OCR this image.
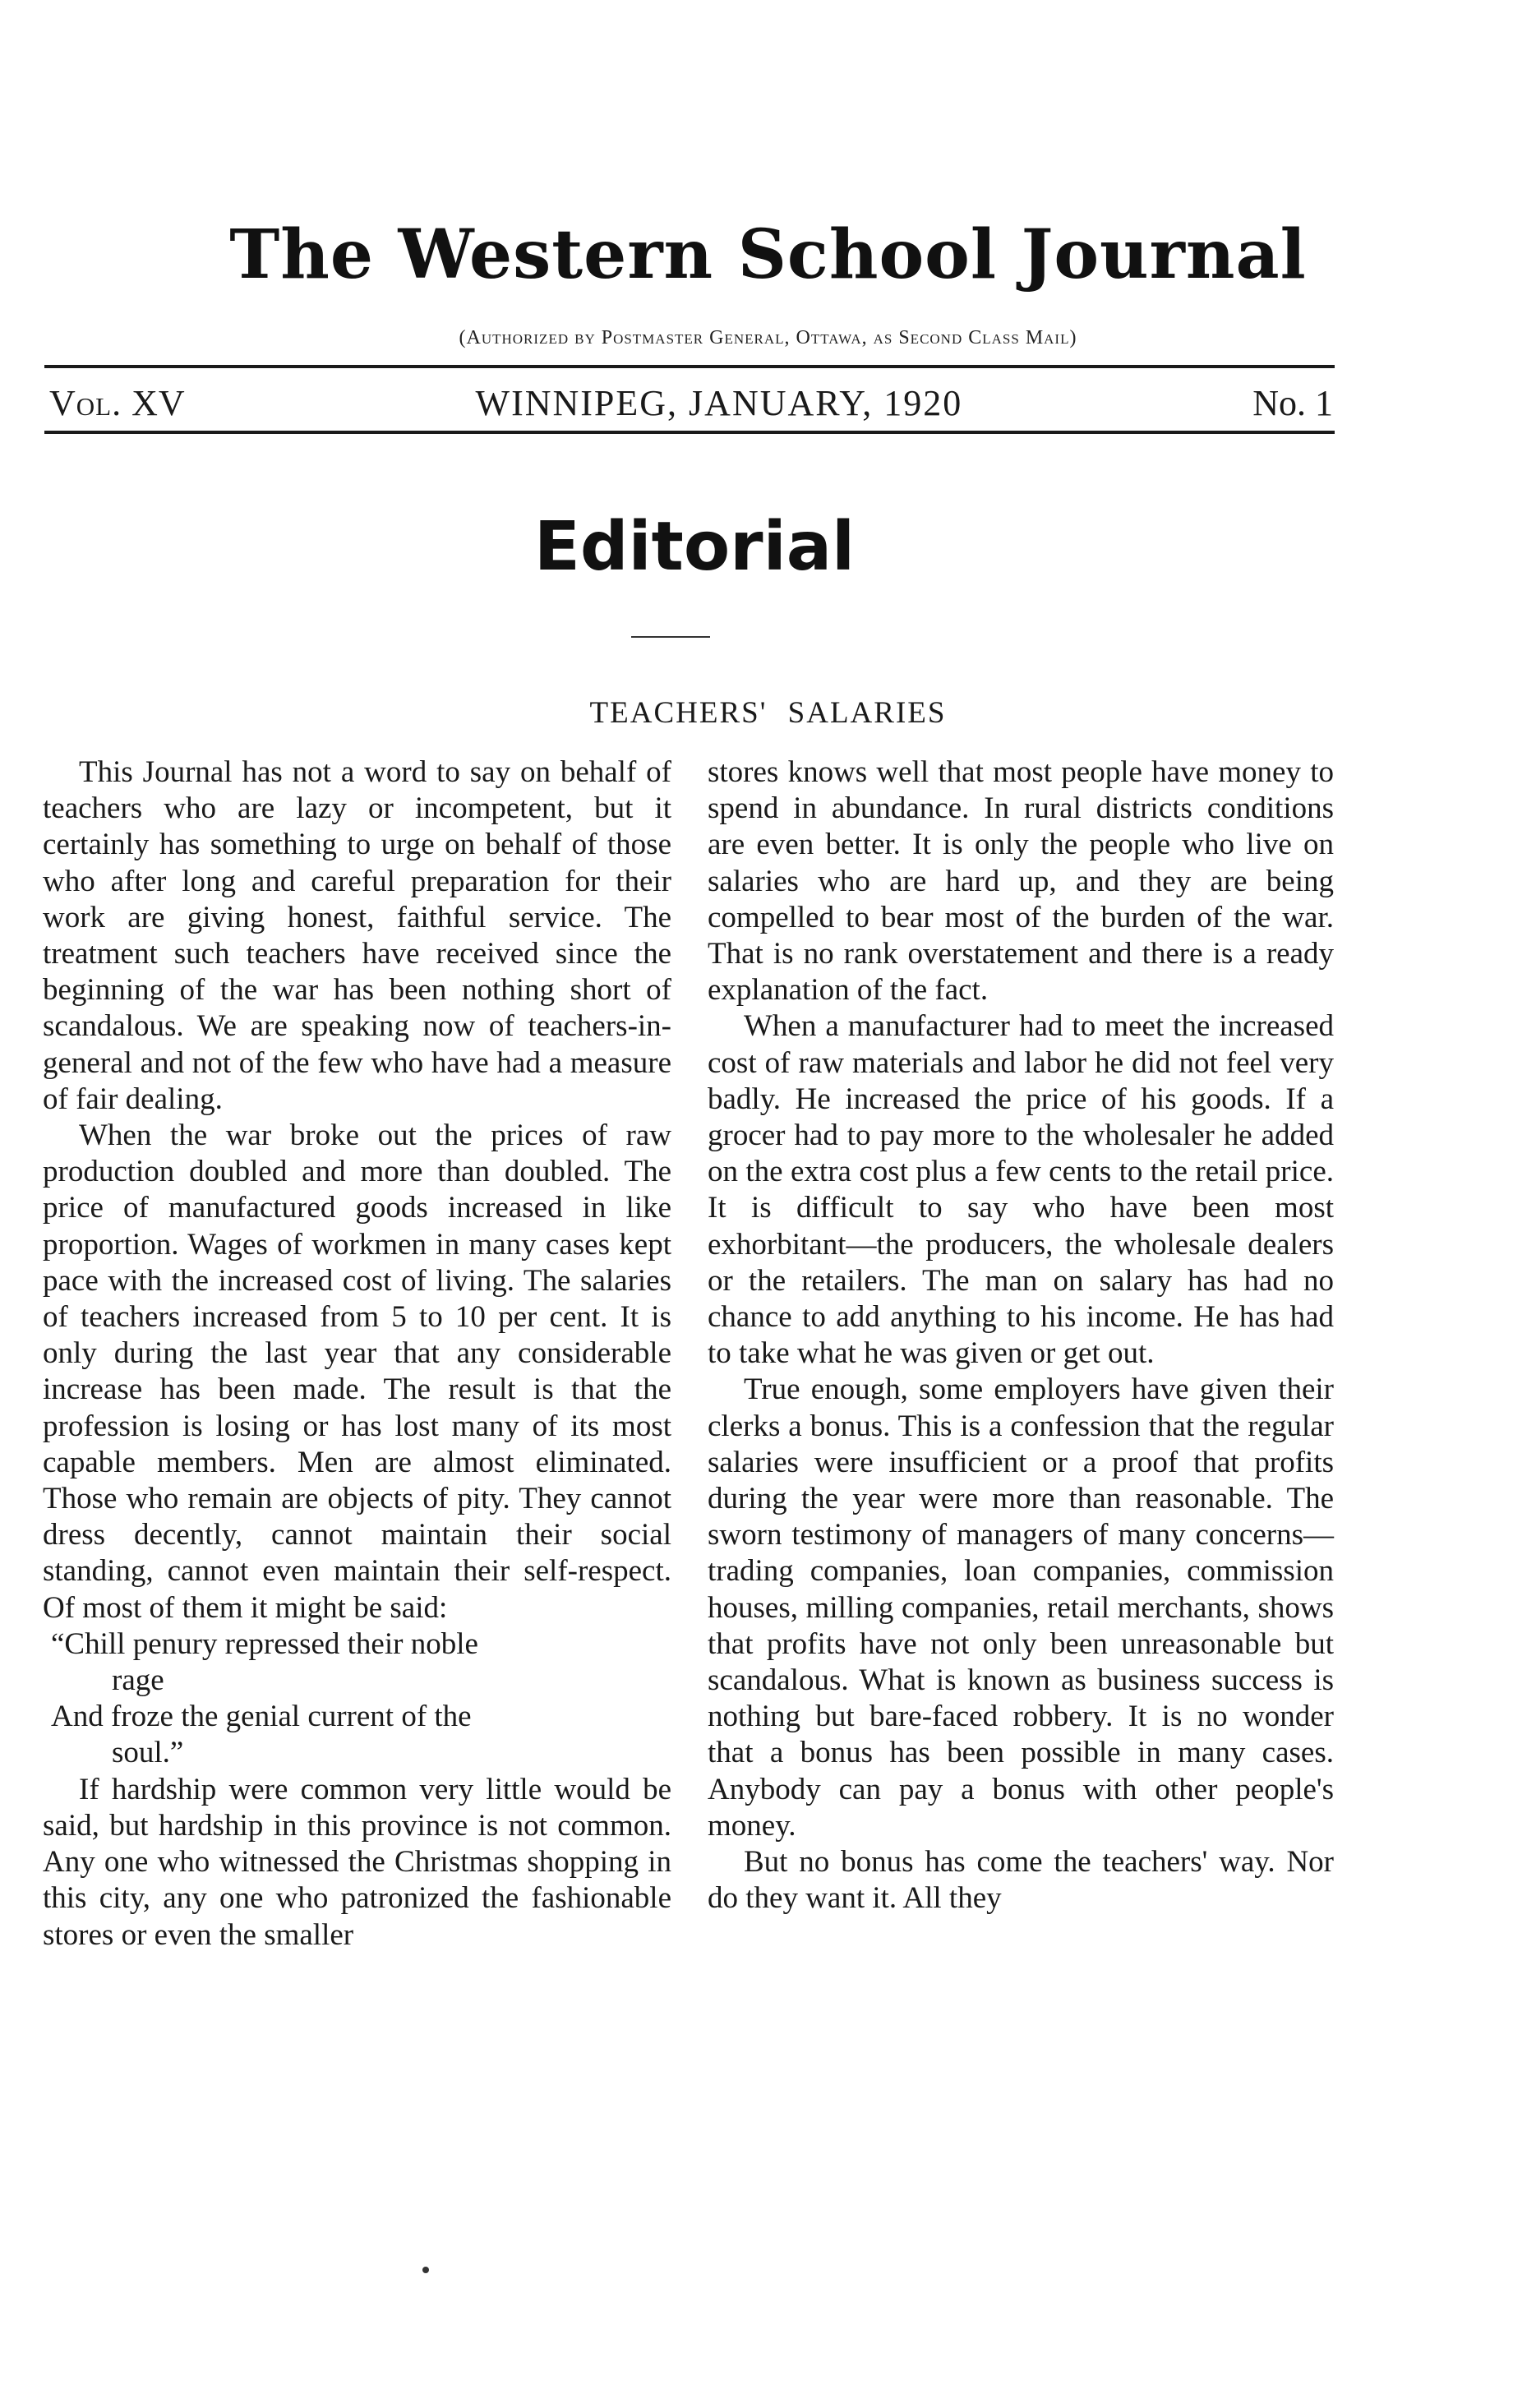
The Western School Journal
(Authorized by Postmaster General, Ottawa, as Second Class Mail)
Vol. XV	WINNIPEG, JANUARY, 1920	No. 1
Editorial
TEACHERS' SALARIES

This Journal has not a word to say on behalf of teachers who are lazy or incompetent, but it certainly has something to urge on behalf of those who after long and careful preparation for their work are giving honest, faithful service. The treatment such teachers have received since the beginning of the war has been nothing short of scandalous. We are speaking now of teachers-in-general and not of the few who have had a measure of fair dealing.

When the war broke out the prices of raw production doubled and more than doubled. The price of manufactured goods increased in like proportion. Wages of workmen in many cases kept pace with the increased cost of living. The salaries of teachers increased from 5 to 10 per cent. It is only during the last year that any considerable increase has been made. The result is that the profession is losing or has lost many of its most capable members. Men are almost eliminated. Those who remain are objects of pity. They cannot dress decently, cannot maintain their social standing, cannot even maintain their self-respect. Of most of them it might be said:

“Chill penury repressed their noble
rage
And froze the genial current of the
soul.”

If hardship were common very little would be said, but hardship in this province is not common. Any one who witnessed the Christmas shopping in this city, any one who patronized the fashionable stores or even the smaller

stores knows well that most people have money to spend in abundance. In rural districts conditions are even better. It is only the people who live on salaries who are hard up, and they are being compelled to bear most of the burden of the war. That is no rank overstatement and there is a ready explanation of the fact.

When a manufacturer had to meet the increased cost of raw materials and labor he did not feel very badly. He increased the price of his goods. If a grocer had to pay more to the wholesaler he added on the extra cost plus a few cents to the retail price. It is difficult to say who have been most exhorbitant—the producers, the wholesale dealers or the retailers. The man on salary has had no chance to add anything to his income. He has had to take what he was given or get out.

True enough, some employers have given their clerks a bonus. This is a confession that the regular salaries were insufficient or a proof that profits during the year were more than reasonable. The sworn testimony of managers of many concerns—trading companies, loan companies, commission houses, milling companies, retail merchants, shows that profits have not only been unreasonable but scandalous. What is known as business success is nothing but bare-faced robbery. It is no wonder that a bonus has been possible in many cases. Anybody can pay a bonus with other people's money.

But no bonus has come the teachers' way. Nor do they want it. All they
